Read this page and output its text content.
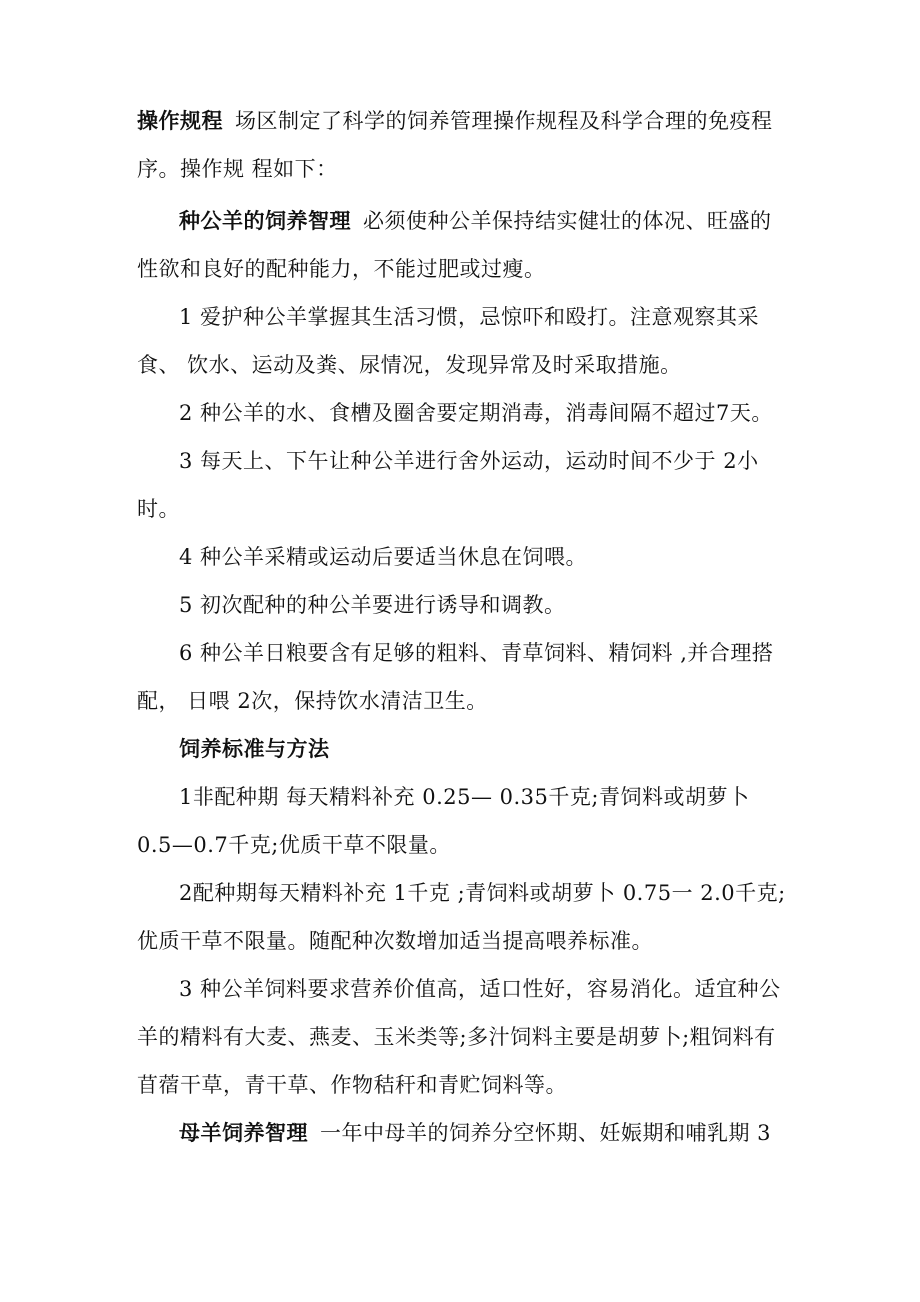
操作规程 场区制定了科学的饲养管理操作规程及科学合理的免疫程序。操作规 程如下：

种公羊的饲养智理 必须使种公羊保持结实健壮的体况、旺盛的性欲和良好的配种能力，不能过肥或过瘦。

1 爱护种公羊掌握其生活习惯，忌惊吓和殴打。注意观察其采食、 饮水、运动及粪、尿情况，发现异常及时采取措施。

2 种公羊的水、食槽及圈舍要定期消毒，消毒间隔不超过7天。

3 每天上、下午让种公羊进行舍外运动，运动时间不少于 2小时。

4 种公羊采精或运动后要适当休息在饲喂。

5 初次配种的种公羊要进行诱导和调教。

6 种公羊日粮要含有足够的粗料、青草饲料、精饲料 ,并合理搭配， 日喂 2次，保持饮水清洁卫生。

饲养标准与方法

1非配种期 每天精料补充 0.25— 0.35千克;青饲料或胡萝卜 0.5—0.7千克;优质干草不限量。

2配种期每天精料补充 1千克 ;青饲料或胡萝卜 0.75一 2.0千克;优质干草不限量。随配种次数增加适当提高喂养标准。

3 种公羊饲料要求营养价值高，适口性好，容易消化。适宜种公羊的精料有大麦、燕麦、玉米类等;多汁饲料主要是胡萝卜;粗饲料有苜蓿干草，青干草、作物秸秆和青贮饲料等。

母羊饲养智理 一年中母羊的饲养分空怀期、妊娠期和哺乳期 3
